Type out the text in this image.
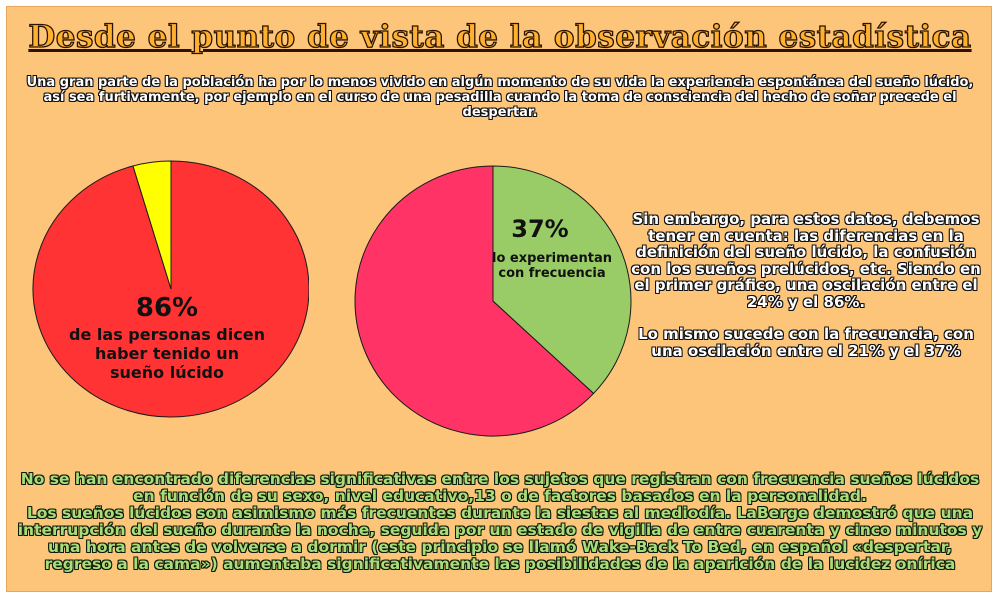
Desde el punto de vista de la observación estadística
Una gran parte de la población ha por lo menos vivido en algún momento de su vida la experiencia espontánea del sueño lúcido, así sea furtivamente, por ejemplo en el curso de una pesadilla cuando la toma de consciencia del hecho de soñar precede el despertar.
86%
de las personas dicen haber tenido un sueño lúcido
37%
lo experimentan con frecuencia

Sin embargo, para estos datos, debemos tener en cuenta: las diferencias en la definición del sueño lúcido, la confusión con los sueños prelúcidos, etc. Siendo en el primer gráfico, una oscilación entre el 24% y el 86%.

Lo mismo sucede con la frecuencia, con una oscilación entre el 21% y el 37%

No se han encontrado diferencias significativas entre los sujetos que registran con frecuencia sueños lúcidos en función de su sexo, nivel educativo,13 o de factores basados en la personalidad.

Los sueños lúcidos son asimismo más frecuentes durante la siestas al mediodía. LaBerge demostró que una interrupción del sueño durante la noche, seguida por un estado de vigilia de entre cuarenta y cinco minutos y una hora antes de volverse a dormir (este principio se llamó Wake-Back To Bed, en español «despertar, regreso a la cama») aumentaba significativamente las posibilidades de la aparición de la lucidez onírica
